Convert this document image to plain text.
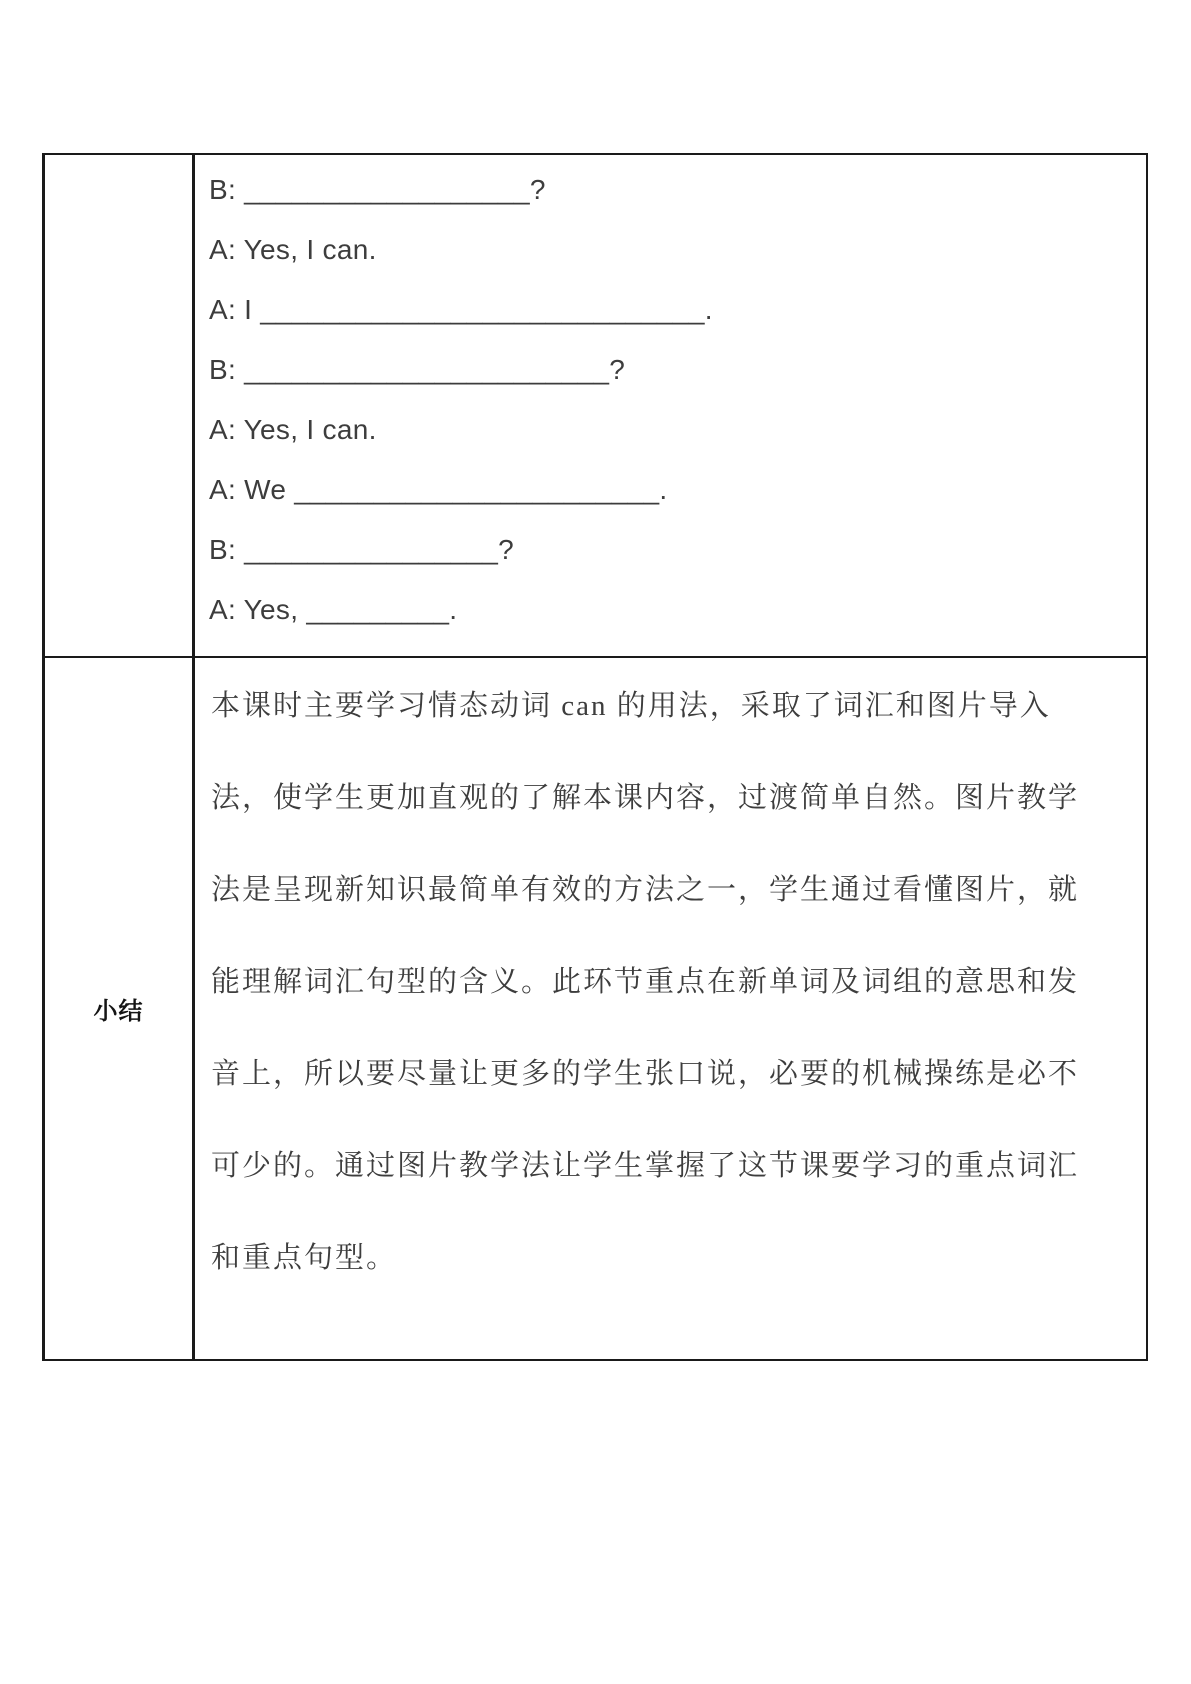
B: __________________?
A: Yes, I can.
A: I ____________________________.
B: _______________________?
A: Yes, I can.
A: We _______________________.
B: ________________?
A: Yes, _________.
小结
本课时主要学习情态动词 can 的用法，采取了词汇和图片导入
法，使学生更加直观的了解本课内容，过渡简单自然。图片教学
法是呈现新知识最简单有效的方法之一，学生通过看懂图片，就
能理解词汇句型的含义。此环节重点在新单词及词组的意思和发
音上，所以要尽量让更多的学生张口说，必要的机械操练是必不
可少的。通过图片教学法让学生掌握了这节课要学习的重点词汇
和重点句型。
